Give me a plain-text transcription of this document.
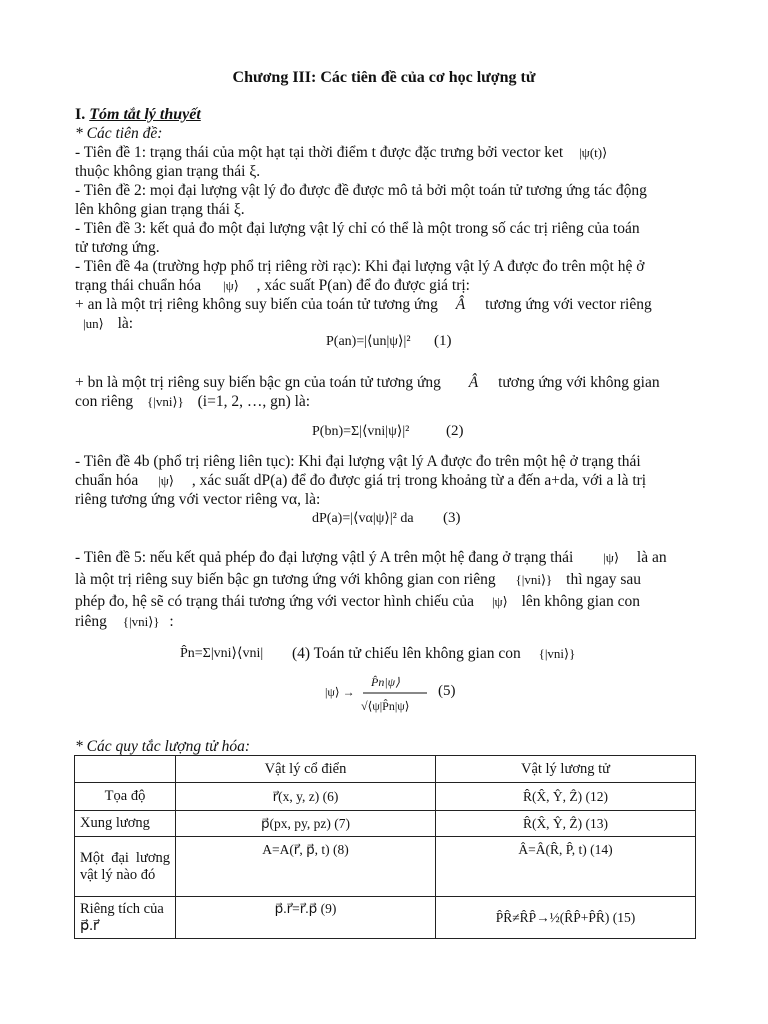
Chương III: Các tiên đề của cơ học lượng tử
I. Tóm tắt lý thuyết
* Các tiên đề:
- Tiên đề 1: trạng thái của một hạt tại thời điểm t được đặc trưng bởi vector ket |ψ(t)⟩
thuộc không gian trạng thái ξ.
- Tiên đề 2: mọi đại lượng vật lý đo được đề được mô tả bởi một toán tử tương ứng tác động
lên không gian trạng thái ξ.
- Tiên đề 3: kết quả đo một đại lượng vật lý chỉ có thể là một trong số các trị riêng của toán
tử tương ứng.
- Tiên đề 4a (trường hợp phổ trị riêng rời rạc): Khi đại lượng vật lý A được đo trên một hệ ở
trạng thái chuẩn hóa |ψ⟩ , xác suất P(an) để đo được giá trị:
+ an là một trị riêng không suy biến của toán tử tương ứng Â tương ứng với vector riêng
|un⟩ là:
P(an)=|⟨un|ψ⟩|² (1)
+ bn là một trị riêng suy biến bậc gn của toán tử tương ứng Â tương ứng với không gian
con riêng {|vni⟩} (i=1, 2, …, gn) là:
P(bn)=Σ|⟨vni|ψ⟩|² (2)
- Tiên đề 4b (phổ trị riêng liên tục): Khi đại lượng vật lý A được đo trên một hệ ở trạng thái
chuẩn hóa |ψ⟩ , xác suất dP(a) để đo được giá trị trong khoảng từ a đến a+da, với a là trị
riêng tương ứng với vector riêng vα, là:
dP(a)=|⟨vα|ψ⟩|² da (3)
- Tiên đề 5: nếu kết quả phép đo đại lượng vậtl ý A trên một hệ đang ở trạng thái |ψ⟩ là an
là một trị riêng suy biến bậc gn tương ứng với không gian con riêng {|vni⟩} thì ngay sau
phép đo, hệ sẽ có trạng thái tương ứng với vector hình chiếu của |ψ⟩ lên không gian con
riêng {|vni⟩} :
P̂n=Σ|vni⟩⟨vni| (4) Toán tử chiếu lên không gian con {|vni⟩}
|ψ⟩ →
P̂n|ψ⟩
√⟨ψ|P̂n|ψ⟩
(5)
* Các quy tắc lượng tử hóa:
	Vật lý cổ điển	Vật lý lương tử
Tọa độ	r⃗(x, y, z) (6)	R̂(X̂, Ŷ, Ẑ) (12)
Xung lương	p⃗(px, py, pz) (7)	R̂(X̂, Ŷ, Ẑ) (13)
Một đại lương vật lý nào đó	A=A(r⃗, p⃗, t) (8)	Â=Â(R̂, P̂, t) (14)
Riêng tích của p⃗.r⃗	p⃗.r⃗=r⃗.p⃗ (9)	P̂R̂≠R̂P̂→½(R̂P̂+P̂R̂) (15)
